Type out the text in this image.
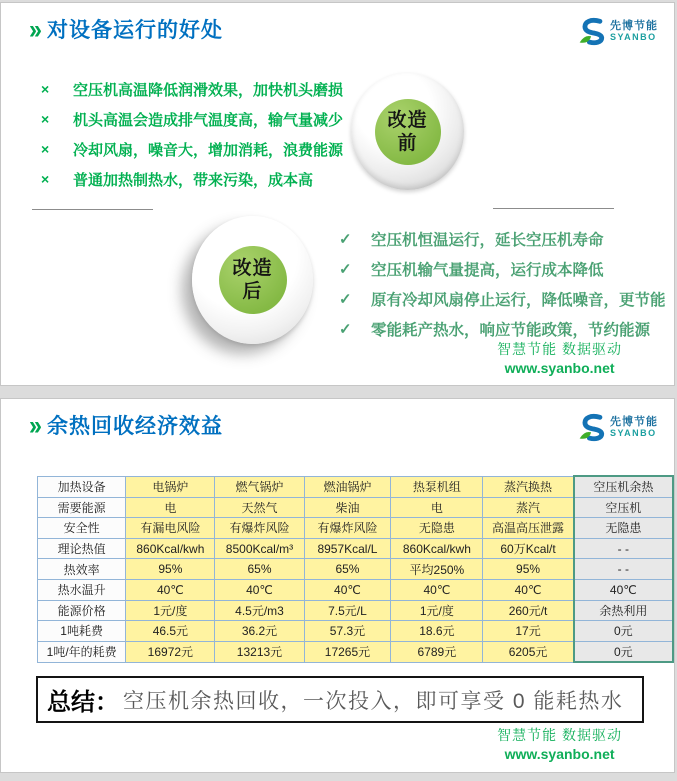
›› 对设备运行的好处	先博节能
SYANBO
×	空压机高温降低润滑效果，加快机头磨损
×	机头高温会造成排气温度高，输气量减少
×	冷却风扇，噪音大，增加消耗，浪费能源
×	普通加热制热水，带来污染，成本高
改造
前
改造
后
✓	空压机恒温运行，延长空压机寿命
✓	空压机输气量提高，运行成本降低
✓	原有冷却风扇停止运行，降低噪音，更节能
✓	零能耗产热水，响应节能政策，节约能源
智慧节能 数据驱动
www.syanbo.net
›› 余热回收经济效益	先博节能
SYANBO
加热设备	电锅炉	燃气锅炉	燃油锅炉	热泵机组	蒸汽换热	空压机余热
需要能源	电	天然气	柴油	电	蒸汽	空压机
安全性	有漏电风险	有爆炸风险	有爆炸风险	无隐患	高温高压泄露	无隐患
理论热值	860Kcal/kwh	8500Kcal/m³	8957Kcal/L	860Kcal/kwh	60万Kcal/t	- -
热效率	95%	65%	65%	平均250%	95%	- -
热水温升	40℃	40℃	40℃	40℃	40℃	40℃
能源价格	1元/度	4.5元/m3	7.5元/L	1元/度	260元/t	余热利用
1吨耗费	46.5元	36.2元	57.3元	18.6元	17元	0元
1吨/年的耗费	16972元	13213元	17265元	6789元	6205元	0元
总结： 空压机余热回收，一次投入，即可享受 0 能耗热水
智慧节能 数据驱动
www.syanbo.net
